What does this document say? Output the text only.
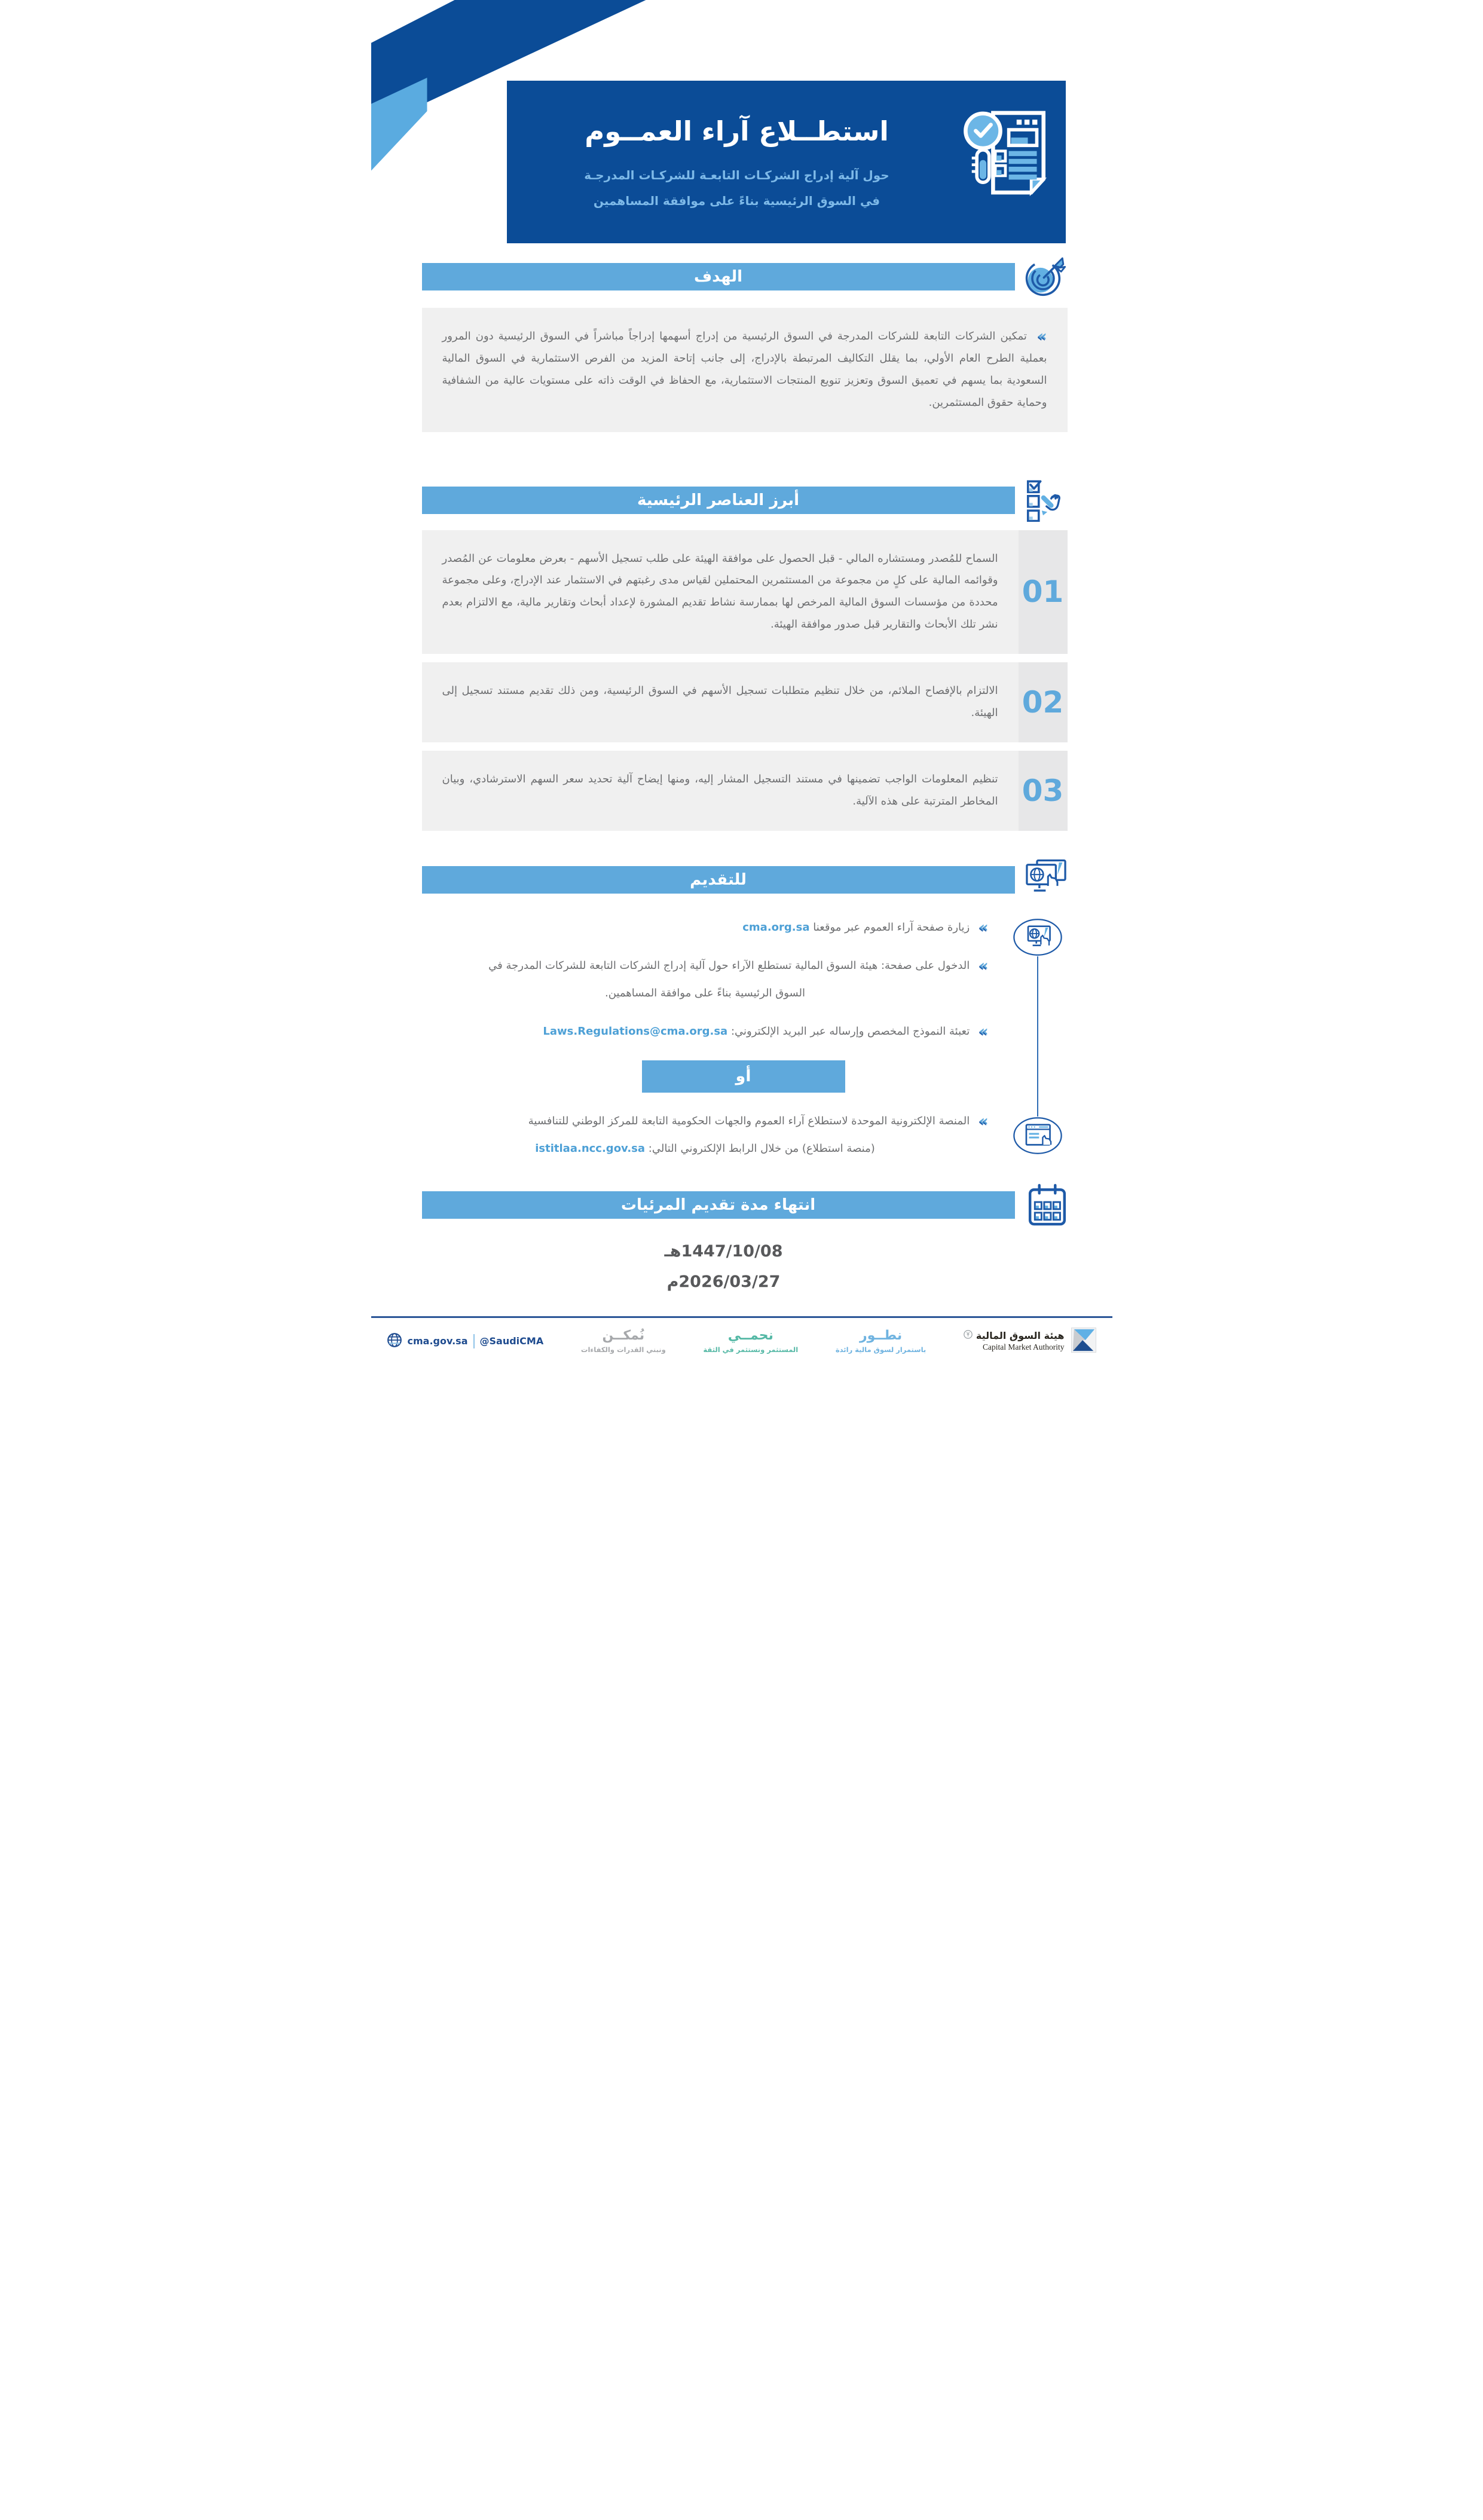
استطــلاع آراء العمــوم

حول آلية إدراج الشركـات التابعـة للشركـات المدرجـة
في السوق الرئيسية بناءً على موافقة المساهمين

الهدف
« تمكين الشركات التابعة للشركات المدرجة في السوق الرئيسية من إدراج أسهمها إدراجاً مباشراً في السوق الرئيسية دون المرور بعملية الطرح العام الأولي، بما يقلل التكاليف المرتبطة بالإدراج، إلى جانب إتاحة المزيد من الفرص الاستثمارية في السوق المالية السعودية بما يسهم في تعميق السوق وتعزيز تنويع المنتجات الاستثمارية، مع الحفاظ في الوقت ذاته على مستويات عالية من الشفافية وحماية حقوق المستثمرين.
أبرز العناصر الرئيسية
01
السماح للمُصدر ومستشاره المالي - قبل الحصول على موافقة الهيئة على طلب تسجيل الأسهم - بعرض معلومات عن المُصدر وقوائمه المالية على كلٍ من مجموعة من المستثمرين المحتملين لقياس مدى رغبتهم في الاستثمار عند الإدراج، وعلى مجموعة محددة من مؤسسات السوق المالية المرخص لها بممارسة نشاط تقديم المشورة لإعداد أبحاث وتقارير مالية، مع الالتزام بعدم نشر تلك الأبحاث والتقارير قبل صدور موافقة الهيئة.
02
الالتزام بالإفصاح الملائم، من خلال تنظيم متطلبات تسجيل الأسهم في السوق الرئيسية، ومن ذلك تقديم مستند تسجيل إلى الهيئة.
03
تنظيم المعلومات الواجب تضمينها في مستند التسجيل المشار إليه، ومنها إيضاح آلية تحديد سعر السهم الاسترشادي، وبيان المخاطر المترتبة على هذه الآلية.
للتقديم
« زيارة صفحة آراء العموم عبر موقعنا cma.org.sa
« الدخول على صفحة: هيئة السوق المالية تستطلع الآراء حول آلية إدراج الشركات التابعة للشركات المدرجة في
السوق الرئيسية بناءً على موافقة المساهمين.
« تعبئة النموذج المخصص وإرساله عبر البريد الإلكتروني: Laws.Regulations@cma.org.sa
أو
« المنصة الإلكترونية الموحدة لاستطلاع آراء العموم والجهات الحكومية التابعة للمركز الوطني للتنافسية
(منصة استطلاع) من خلال الرابط الإلكتروني التالي: istitlaa.ncc.gov.sa
انتهاء مدة تقديم المرئيات
1447/10/08هـ
2026/03/27م
cma.gov.sa @SaudiCMA	نُمكــن
ونبني القدرات والكفاءات
نحمــي
المستثمر ونستثمر في الثقة
نطــور
باستمرار لسوق مالية رائدة
هيئة السوق المالية
Capital Market Authority
